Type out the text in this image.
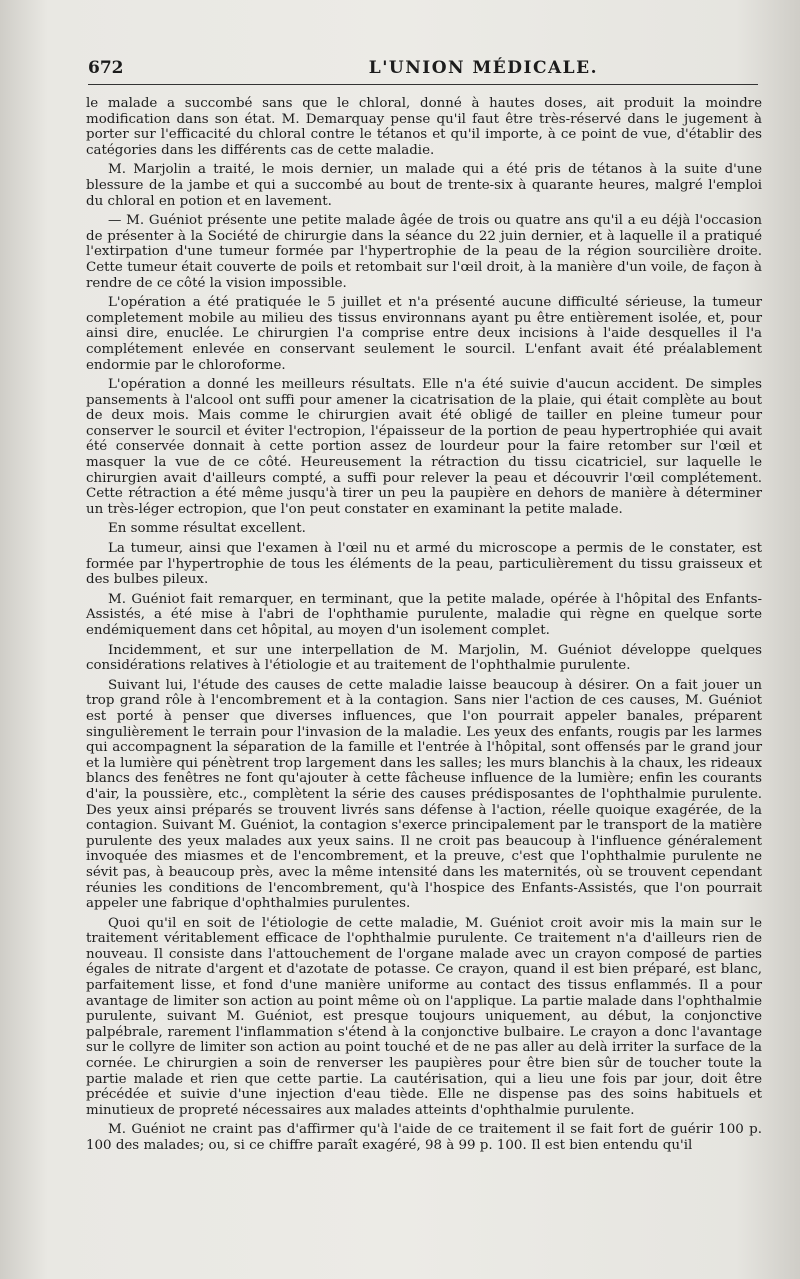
672	L'UNION MÉDICALE.

le malade a succombé sans que le chloral, donné à hautes doses, ait produit la moindre modification dans son état. M. Demarquay pense qu'il faut être très-réservé dans le jugement à porter sur l'efficacité du chloral contre le tétanos et qu'il importe, à ce point de vue, d'établir des catégories dans les différents cas de cette maladie.

M. Marjolin a traité, le mois dernier, un malade qui a été pris de tétanos à la suite d'une blessure de la jambe et qui a succombé au bout de trente-six à quarante heures, malgré l'emploi du chloral en potion et en lavement.

— M. Guéniot présente une petite malade âgée de trois ou quatre ans qu'il a eu déjà l'occasion de présenter à la Société de chirurgie dans la séance du 22 juin dernier, et à laquelle il a pratiqué l'extirpation d'une tumeur formée par l'hypertrophie de la peau de la région sourcilière droite. Cette tumeur était couverte de poils et retombait sur l'œil droit, à la manière d'un voile, de façon à rendre de ce côté la vision impossible.

L'opération a été pratiquée le 5 juillet et n'a présenté aucune difficulté sérieuse, la tumeur completement mobile au milieu des tissus environnans ayant pu être entièrement isolée, et, pour ainsi dire, enuclée. Le chirurgien l'a comprise entre deux incisions à l'aide desquelles il l'a complétement enlevée en conservant seulement le sourcil. L'enfant avait été préalablement endormie par le chloroforme.

L'opération a donné les meilleurs résultats. Elle n'a été suivie d'aucun accident. De simples pansements à l'alcool ont suffi pour amener la cicatrisation de la plaie, qui était complète au bout de deux mois. Mais comme le chirurgien avait été obligé de tailler en pleine tumeur pour conserver le sourcil et éviter l'ectropion, l'épaisseur de la portion de peau hypertrophiée qui avait été conservée donnait à cette portion assez de lourdeur pour la faire retomber sur l'œil et masquer la vue de ce côté. Heureusement la rétraction du tissu cicatriciel, sur laquelle le chirurgien avait d'ailleurs compté, a suffi pour relever la peau et découvrir l'œil complétement. Cette rétraction a été même jusqu'à tirer un peu la paupière en dehors de manière à déterminer un très-léger ectropion, que l'on peut constater en examinant la petite malade.

En somme résultat excellent.

La tumeur, ainsi que l'examen à l'œil nu et armé du microscope a permis de le constater, est formée par l'hypertrophie de tous les éléments de la peau, particulièrement du tissu graisseux et des bulbes pileux.

M. Guéniot fait remarquer, en terminant, que la petite malade, opérée à l'hôpital des Enfants-Assistés, a été mise à l'abri de l'ophthamie purulente, maladie qui règne en quelque sorte endémiquement dans cet hôpital, au moyen d'un isolement complet.

Incidemment, et sur une interpellation de M. Marjolin, M. Guéniot développe quelques considérations relatives à l'étiologie et au traitement de l'ophthalmie purulente.

Suivant lui, l'étude des causes de cette maladie laisse beaucoup à désirer. On a fait jouer un trop grand rôle à l'encombrement et à la contagion. Sans nier l'action de ces causes, M. Guéniot est porté à penser que diverses influences, que l'on pourrait appeler banales, préparent singulièrement le terrain pour l'invasion de la maladie. Les yeux des enfants, rougis par les larmes qui accompagnent la séparation de la famille et l'entrée à l'hôpital, sont offensés par le grand jour et la lumière qui pénètrent trop largement dans les salles; les murs blanchis à la chaux, les rideaux blancs des fenêtres ne font qu'ajouter à cette fâcheuse influence de la lumière; enfin les courants d'air, la poussière, etc., complètent la série des causes prédisposantes de l'ophthalmie purulente. Des yeux ainsi préparés se trouvent livrés sans défense à l'action, réelle quoique exagérée, de la contagion. Suivant M. Guéniot, la contagion s'exerce principalement par le transport de la matière purulente des yeux malades aux yeux sains. Il ne croit pas beaucoup à l'influence généralement invoquée des miasmes et de l'encombrement, et la preuve, c'est que l'ophthalmie purulente ne sévit pas, à beaucoup près, avec la même intensité dans les maternités, où se trouvent cependant réunies les conditions de l'encombrement, qu'à l'hospice des Enfants-Assistés, que l'on pourrait appeler une fabrique d'ophthalmies purulentes.

Quoi qu'il en soit de l'étiologie de cette maladie, M. Guéniot croit avoir mis la main sur le traitement véritablement efficace de l'ophthalmie purulente. Ce traitement n'a d'ailleurs rien de nouveau. Il consiste dans l'attouchement de l'organe malade avec un crayon composé de parties égales de nitrate d'argent et d'azotate de potasse. Ce crayon, quand il est bien préparé, est blanc, parfaitement lisse, et fond d'une manière uniforme au contact des tissus enflammés. Il a pour avantage de limiter son action au point même où on l'applique. La partie malade dans l'ophthalmie purulente, suivant M. Guéniot, est presque toujours uniquement, au début, la conjonctive palpébrale, rarement l'inflammation s'étend à la conjonctive bulbaire. Le crayon a donc l'avantage sur le collyre de limiter son action au point touché et de ne pas aller au delà irriter la surface de la cornée. Le chirurgien a soin de renverser les paupières pour être bien sûr de toucher toute la partie malade et rien que cette partie. La cautérisation, qui a lieu une fois par jour, doit être précédée et suivie d'une injection d'eau tiède. Elle ne dispense pas des soins habituels et minutieux de propreté nécessaires aux malades atteints d'ophthalmie purulente.

M. Guéniot ne craint pas d'affirmer qu'à l'aide de ce traitement il se fait fort de guérir 100 p. 100 des malades; ou, si ce chiffre paraît exagéré, 98 à 99 p. 100. Il est bien entendu qu'il
